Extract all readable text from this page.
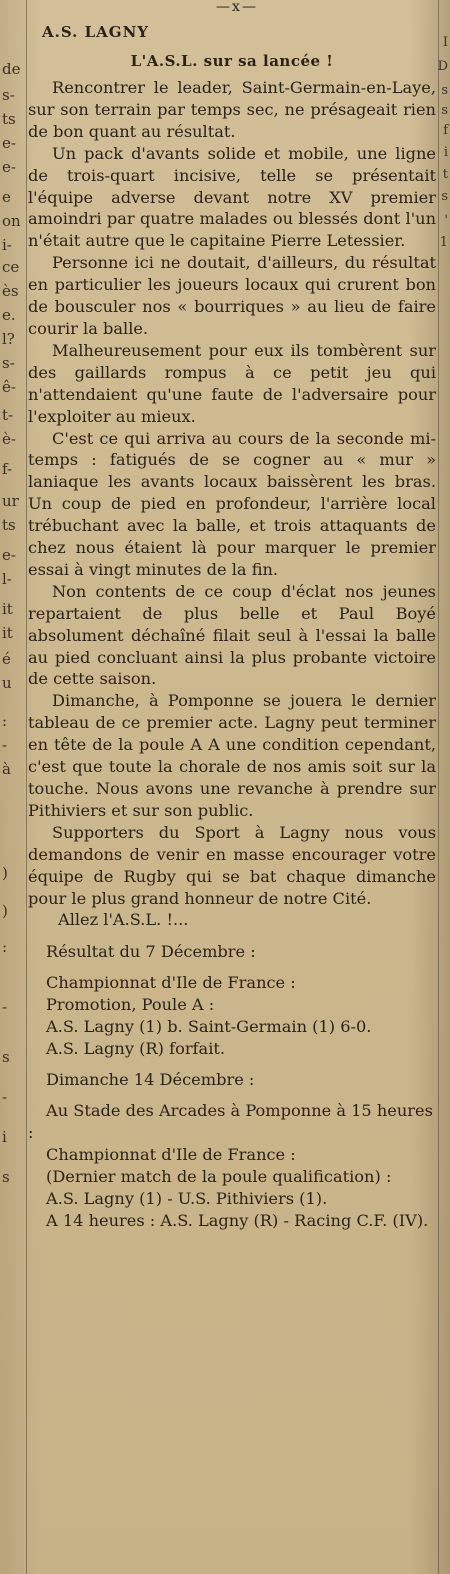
de
s-
ts
e-
e-
e
on
i-
ce
ès
e.
l?
s-
ê-
t-
è-
f-
ur
ts
e-
l-
it
it
é
u
:
-
à
)
)
:
-
s
-
i
s
I
D
s
s
f
i
t
s
'
1
—x—
A.S. LAGNY
L'A.S.L. sur sa lancée !

Rencontrer le leader, Saint-Germain-en-Laye, sur son terrain par temps sec, ne présageait rien de bon quant au résultat.

Un pack d'avants solide et mobile, une ligne de trois-quart incisive, telle se présentait l'équipe adverse devant notre XV premier amoindri par quatre malades ou blessés dont l'un n'était autre que le capitaine Pierre Letessier.

Personne ici ne doutait, d'ailleurs, du résultat en particulier les joueurs locaux qui crurent bon de bousculer nos « bourriques » au lieu de faire courir la balle.

Malheureusement pour eux ils tombèrent sur des gaillards rompus à ce petit jeu qui n'attendaient qu'une faute de l'adversaire pour l'exploiter au mieux.

C'est ce qui arriva au cours de la seconde mi-temps : fatigués de se cogner au « mur » laniaque les avants locaux baissèrent les bras. Un coup de pied en profondeur, l'arrière local trébuchant avec la balle, et trois attaquants de chez nous étaient là pour marquer le premier essai à vingt minutes de la fin.

Non contents de ce coup d'éclat nos jeunes repartaient de plus belle et Paul Boyé absolument déchaîné filait seul à l'essai la balle au pied concluant ainsi la plus probante victoire de cette saison.

Dimanche, à Pomponne se jouera le dernier tableau de ce premier acte. Lagny peut terminer en tête de la poule A A une condition cependant, c'est que toute la chorale de nos amis soit sur la touche. Nous avons une revanche à prendre sur Pithiviers et sur son public.

Supporters du Sport à Lagny nous vous demandons de venir en masse encourager votre équipe de Rugby qui se bat chaque dimanche pour le plus grand honneur de notre Cité.

Allez l'A.S.L. !...

Résultat du 7 Décembre :

Championnat d'Ile de France :

Promotion, Poule A :

A.S. Lagny (1) b. Saint-Germain (1) 6-0.

A.S. Lagny (R) forfait.

Dimanche 14 Décembre :

Au Stade des Arcades à Pomponne à 15 heures :

Championnat d'Ile de France :

(Dernier match de la poule qualification) :

A.S. Lagny (1) - U.S. Pithiviers (1).

A 14 heures : A.S. Lagny (R) - Racing C.F. (IV).
